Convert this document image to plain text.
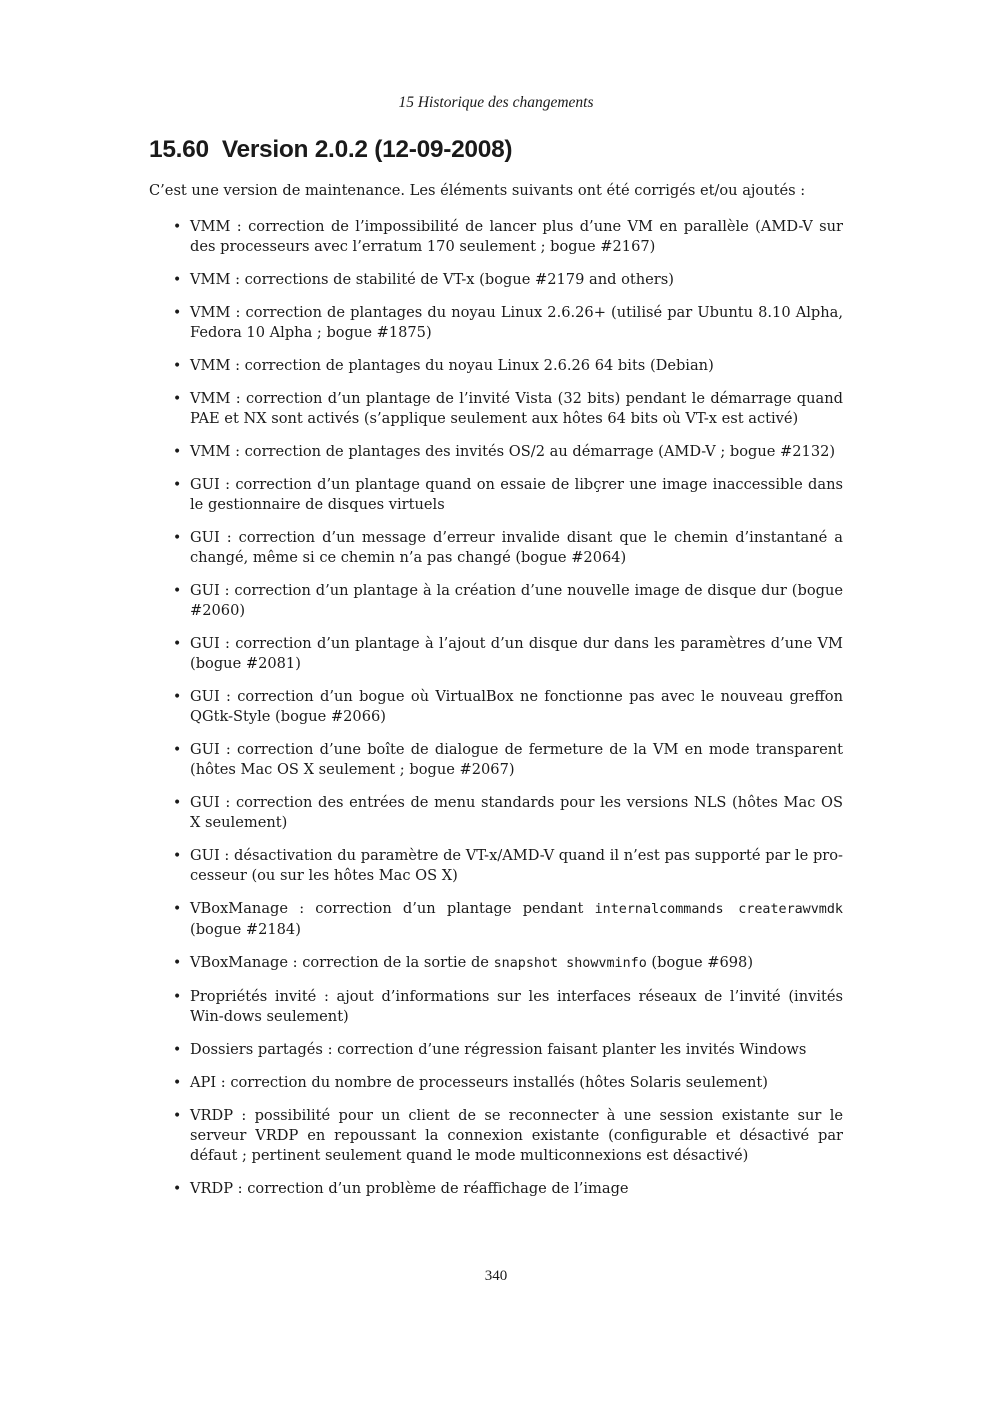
15 Historique des changements
15.60 Version 2.0.2 (12-09-2008)

C’est une version de maintenance. Les éléments suivants ont été corrigés et/ou ajoutés :

• VMM : correction de l’impossibilité de lancer plus d’une VM en parallèle (AMD-V sur des processeurs avec l’erratum 170 seulement ; bogue #2167)
• VMM : corrections de stabilité de VT-x (bogue #2179 and others)
• VMM : correction de plantages du noyau Linux 2.6.26+ (utilisé par Ubuntu 8.10 Alpha, Fedora 10 Alpha ; bogue #1875)
• VMM : correction de plantages du noyau Linux 2.6.26 64 bits (Debian)
• VMM : correction d’un plantage de l’invité Vista (32 bits) pendant le démarrage quand PAE et NX sont activés (s’applique seulement aux hôtes 64 bits où VT-x est activé)
• VMM : correction de plantages des invités OS/2 au démarrage (AMD-V ; bogue #2132)
• GUI : correction d’un plantage quand on essaie de libçrer une image inaccessible dans le gestionnaire de disques virtuels
• GUI : correction d’un message d’erreur invalide disant que le chemin d’instantané a changé, même si ce chemin n’a pas changé (bogue #2064)
• GUI : correction d’un plantage à la création d’une nouvelle image de disque dur (bogue #2060)
• GUI : correction d’un plantage à l’ajout d’un disque dur dans les paramètres d’une VM (bogue #2081)
• GUI : correction d’un bogue où VirtualBox ne fonctionne pas avec le nouveau greffon QGtk-Style (bogue #2066)
• GUI : correction d’une boîte de dialogue de fermeture de la VM en mode transparent (hôtes Mac OS X seulement ; bogue #2067)
• GUI : correction des entrées de menu standards pour les versions NLS (hôtes Mac OS X seulement)
• GUI : désactivation du paramètre de VT-x/AMD-V quand il n’est pas supporté par le pro-cesseur (ou sur les hôtes Mac OS X)
• VBoxManage : correction d’un plantage pendant internalcommands createrawvmdk (bogue #2184)
• VBoxManage : correction de la sortie de snapshot showvminfo (bogue #698)
• Propriétés invité : ajout d’informations sur les interfaces réseaux de l’invité (invités Win-dows seulement)
• Dossiers partagés : correction d’une régression faisant planter les invités Windows
• API : correction du nombre de processeurs installés (hôtes Solaris seulement)
• VRDP : possibilité pour un client de se reconnecter à une session existante sur le serveur VRDP en repoussant la connexion existante (configurable et désactivé par défaut ; pertinent seulement quand le mode multiconnexions est désactivé)
• VRDP : correction d’un problème de réaffichage de l’image
340
